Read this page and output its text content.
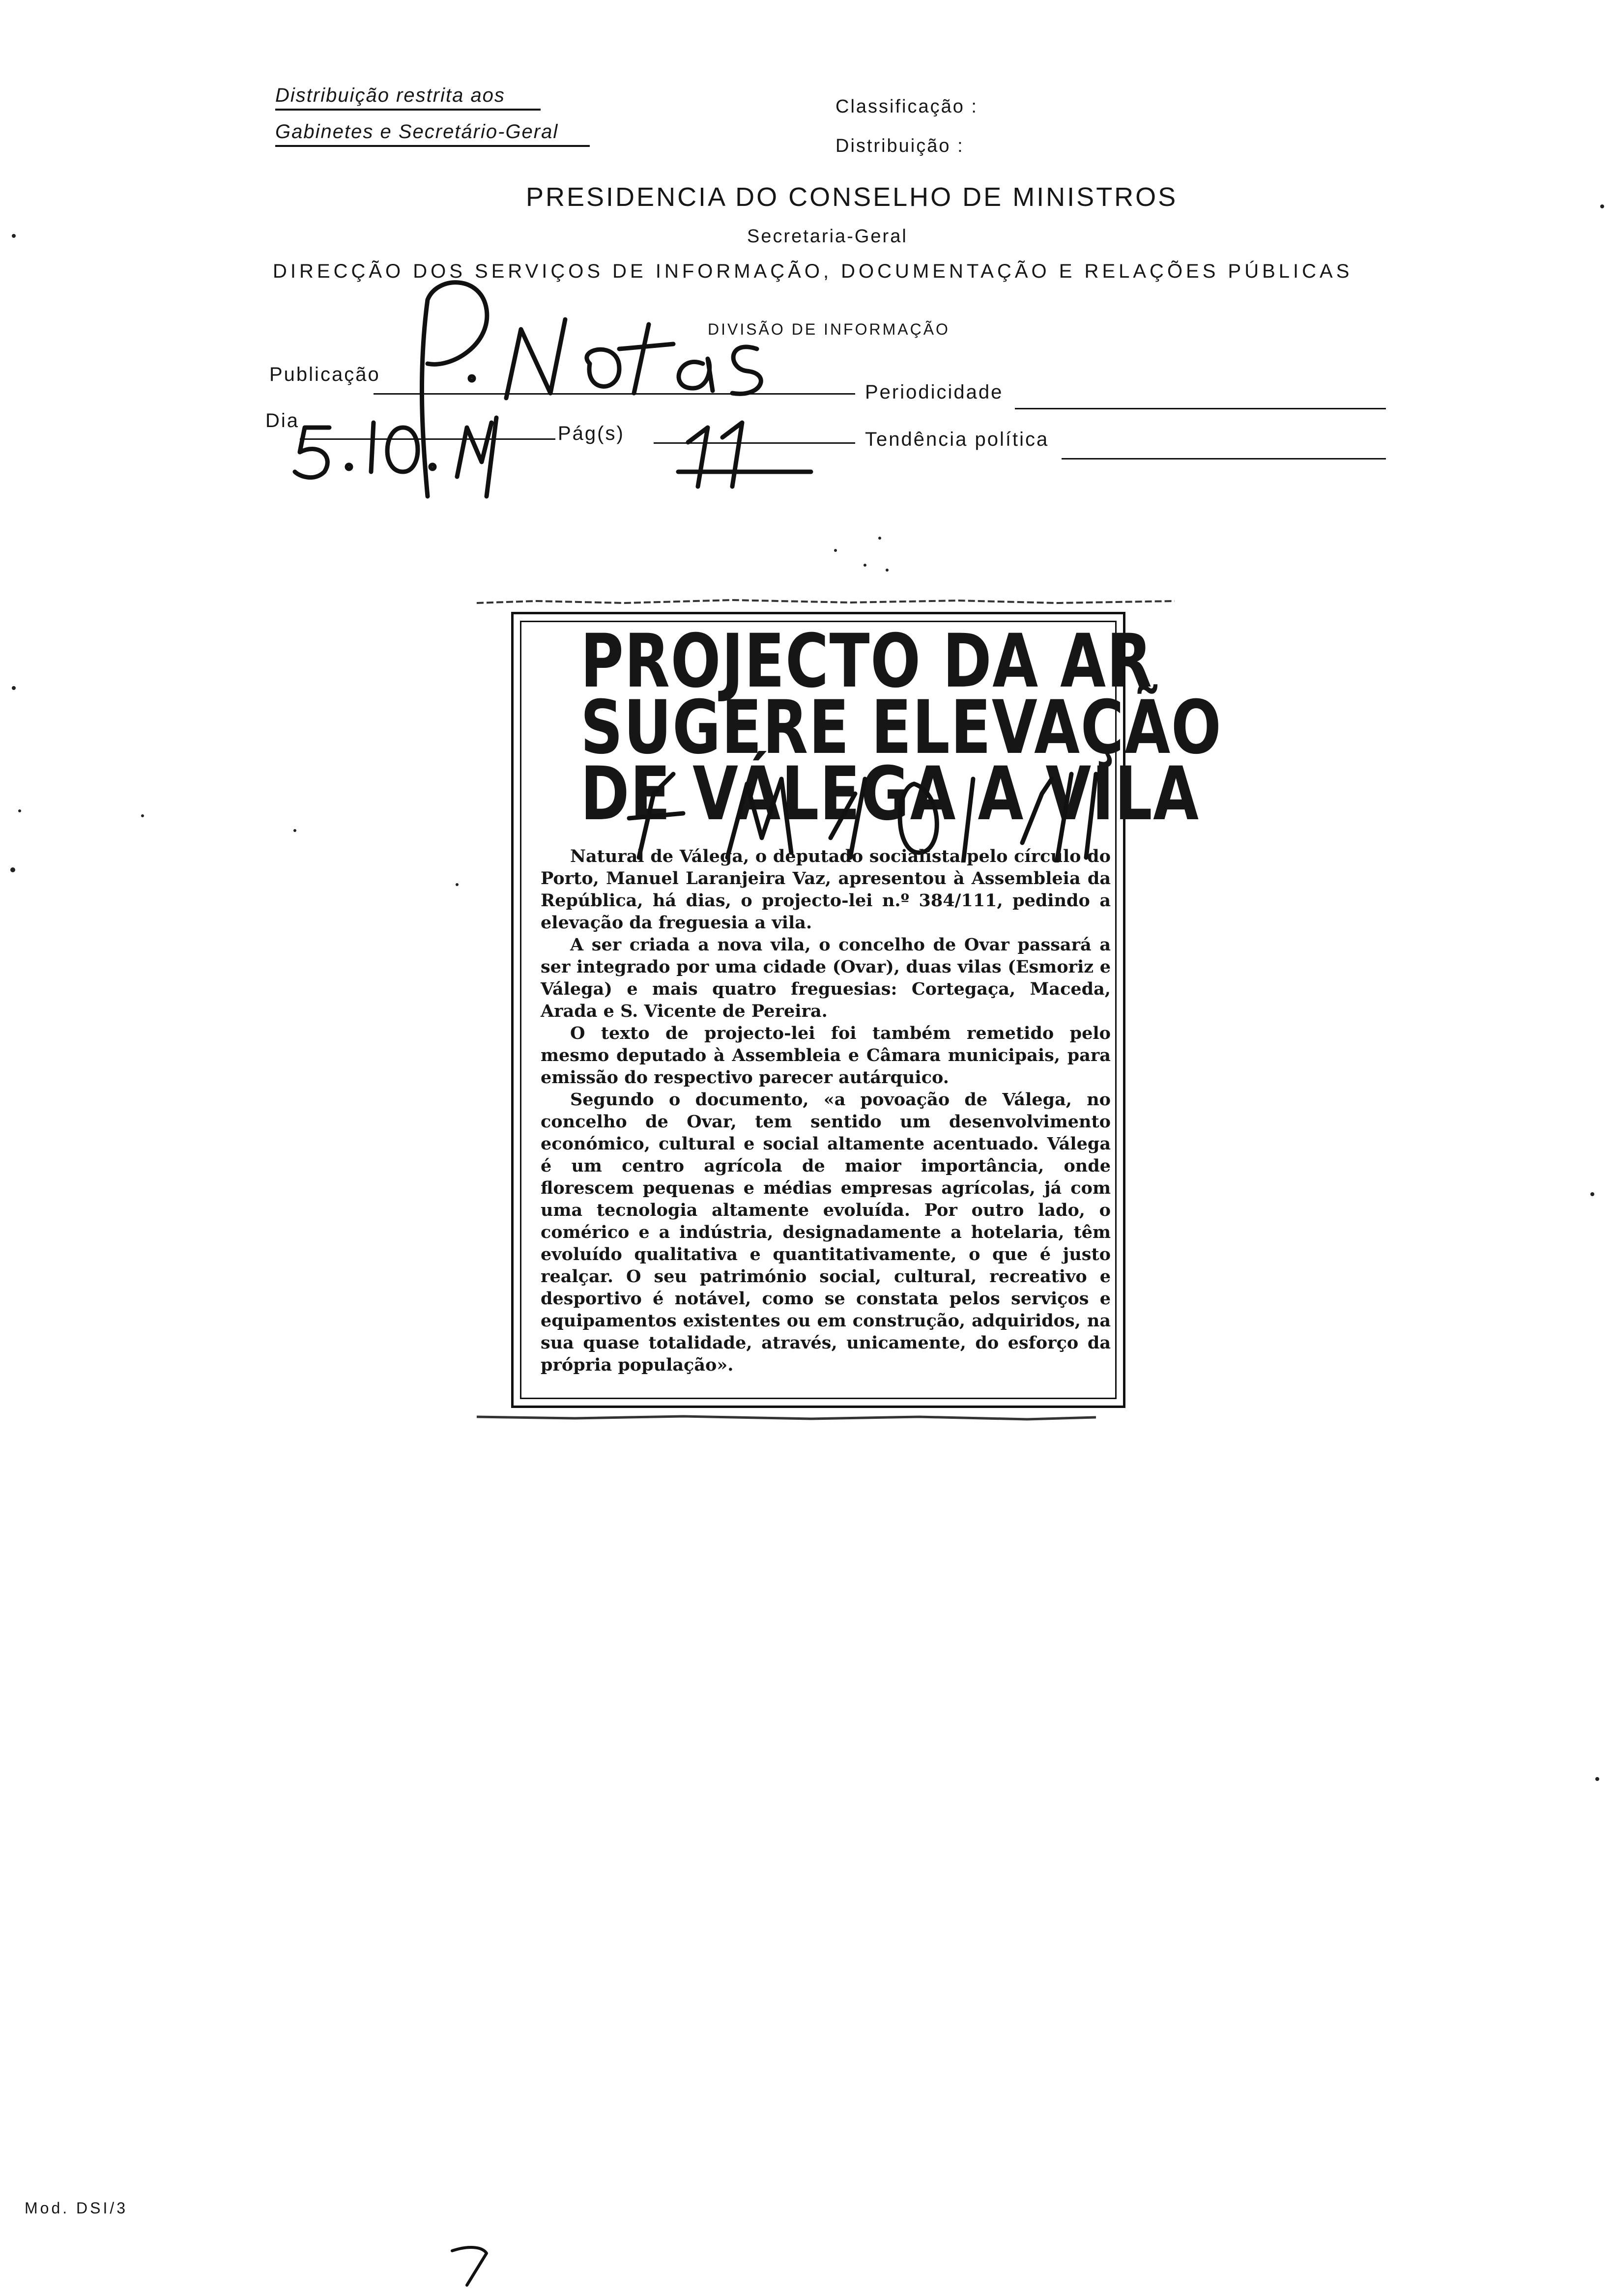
Distribuição restrita aos
Gabinetes e Secretário-Geral
Classificação :
Distribuição :
PRESIDENCIA DO CONSELHO DE MINISTROS
Secretaria-Geral
DIRECÇÃO DOS SERVIÇOS DE INFORMAÇÃO, DOCUMENTAÇÃO E RELAÇÕES PÚBLICAS
DIVISÃO DE INFORMAÇÃO
Publicação
Periodicidade
Dia
Pág(s)	Tendência política
PROJECTO DA AR
SUGERE ELEVAÇÃO
DE VÁLEGA A VILA

Natural de Válega, o deputado socialista pelo círculo do Porto, Manuel Laranjeira Vaz, apresentou à Assembleia da República, há dias, o projecto-lei n.º 384/111, pedindo a elevação da freguesia a vila.

A ser criada a nova vila, o concelho de Ovar passará a ser integrado por uma cidade (Ovar), duas vilas (Esmoriz e Válega) e mais quatro freguesias: Cortegaça, Maceda, Arada e S. Vicente de Pereira.

O texto de projecto-lei foi também remetido pelo mesmo deputado à Assembleia e Câmara municipais, para emissão do respectivo parecer autárquico.

Segundo o documento, «a povoação de Válega, no concelho de Ovar, tem sentido um desenvolvimento económico, cultural e social altamente acentuado. Válega é um centro agrícola de maior importância, onde florescem pequenas e médias empresas agrícolas, já com uma tecnologia altamente evoluída. Por outro lado, o comérico e a indústria, designadamente a hotelaria, têm evoluído qualitativa e quantitativamente, o que é justo realçar. O seu património social, cultural, recreativo e desportivo é notável, como se constata pelos serviços e equipamentos existentes ou em construção, adquiridos, na sua quase totalidade, através, unicamente, do esforço da própria população».

Mod. DSI/3
